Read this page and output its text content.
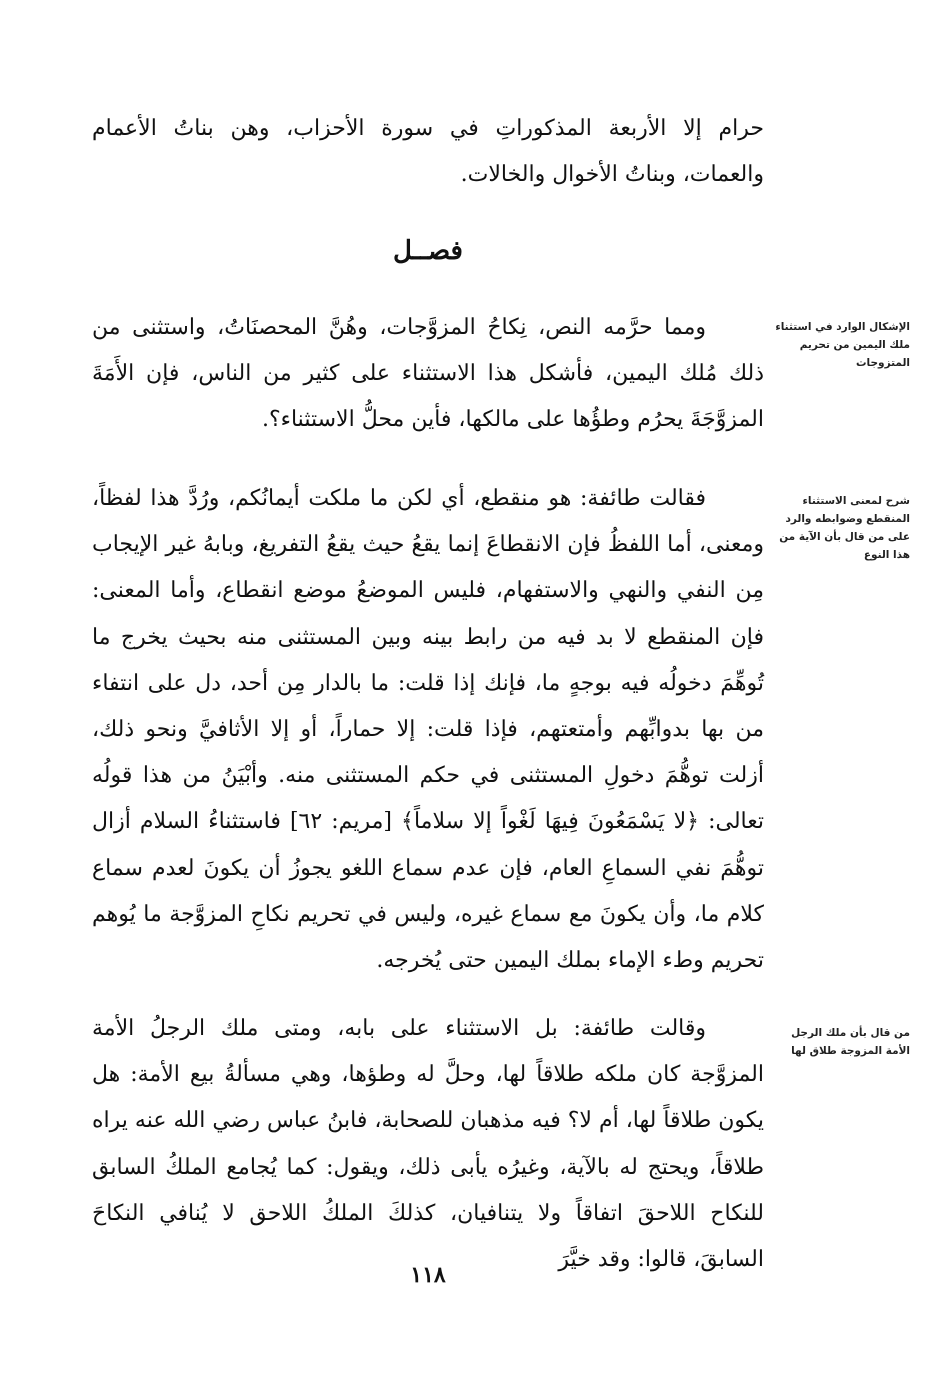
حرام إلا الأربعة المذكوراتِ في سورة الأحزاب، وهن بناتُ الأعمام والعمات، وبناتُ الأخوال والخالات.

فصــل
الإشكال الوارد في استثناء ملك اليمين من تحريم المتزوجات

ومما حرَّمه النص، نِكاحُ المزوَّجات، وهُنَّ المحصنَاتُ، واستثنى من ذلك مُلك اليمين، فأشكل هذا الاستثناء على كثير من الناس، فإن الأَمَةَ المزوَّجَةَ يحرُم وطؤُها على مالكها، فأين محلُّ الاستثناء؟.

شرح لمعنى الاستثناء المنقطع وضوابطه والرد على من قال بأن الآية من هذا النوع

فقالت طائفة: هو منقطع، أي لكن ما ملكت أيمانُكم، ورُدَّ هذا لفظاً، ومعنى، أما اللفظُ فإن الانقطاعَ إنما يقعُ حيث يقعُ التفريغ، وبابهُ غير الإيجاب مِن النفي والنهي والاستفهام، فليس الموضعُ موضع انقطاع، وأما المعنى: فإن المنقطع لا بد فيه من رابط بينه وبين المستثنى منه بحيث يخرج ما تُوهِّمَ دخولُه فيه بوجهٍ ما، فإنك إذا قلت: ما بالدار مِن أحد، دل على انتفاء من بها بدوابِّهم وأمتعتهم، فإذا قلت: إلا حماراً، أو إلا الأثافيَّ ونحو ذلك، أزلت توهُّمَ دخولِ المستثنى في حكم المستثنى منه. وأبْيَنُ من هذا قولُه تعالى: ﴿لا يَسْمَعُونَ فِيهَا لَغْواً إلا سلاماً﴾ [مريم: ٦٢] فاستثناءُ السلام أزال توهُّمَ نفي السماعِ العام، فإن عدم سماع اللغو يجوزُ أن يكونَ لعدم سماع كلام ما، وأن يكونَ مع سماع غيره، وليس في تحريم نكاحِ المزوَّجة ما يُوهم تحريم وطء الإماء بملك اليمين حتى يُخرجه.

من قال بأن ملك الرجل الأمة المزوجة طلاق لها

وقالت طائفة: بل الاستثناء على بابه، ومتى ملك الرجلُ الأمة المزوَّجة كان ملكه طلاقاً لها، وحلَّ له وطؤها، وهي مسألةُ بيع الأمة: هل يكون طلاقاً لها، أم لا؟ فيه مذهبان للصحابة، فابنُ عباس رضي الله عنه يراه طلاقاً، ويحتج له بالآية، وغيرُه يأبى ذلك، ويقول: كما يُجامع الملكُ السابق للنكاح اللاحقَ اتفاقاً ولا يتنافيان، كذلكَ الملكُ اللاحق لا يُنافي النكاحَ السابقَ، قالوا: وقد خيَّرَ

١١٨
